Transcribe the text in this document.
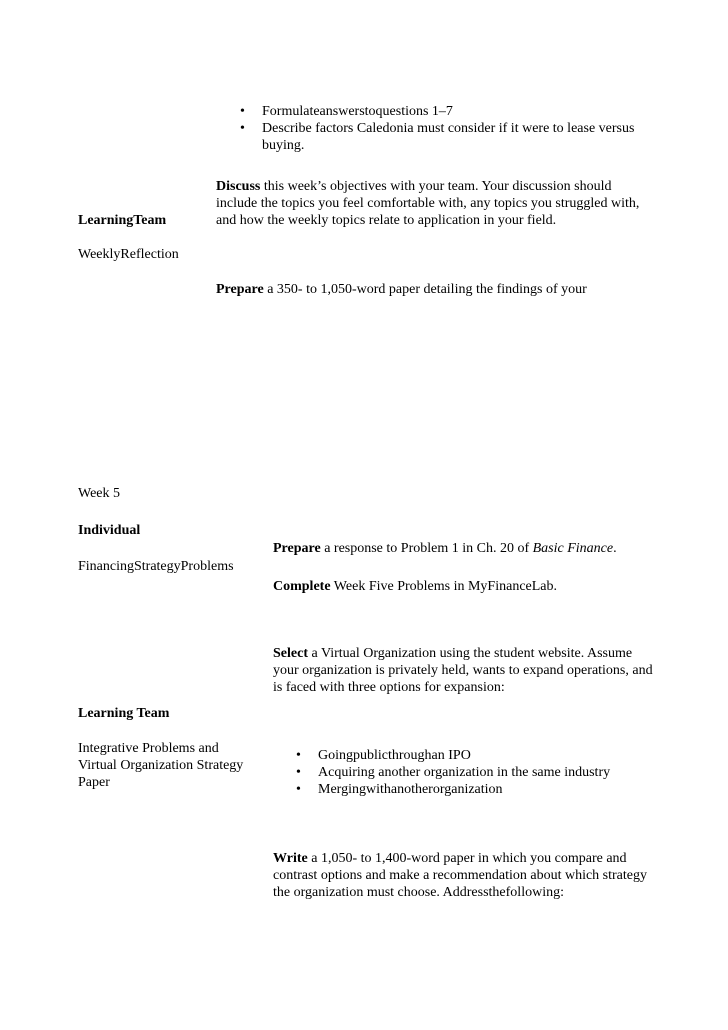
• Formulateanswerstoquestions 1–7
• Describe factors Caledonia must consider if it were to lease versus
buying.
Discuss this week’s objectives with your team. Your discussion should
include the topics you feel comfortable with, any topics you struggled with,
and how the weekly topics relate to application in your field.
LearningTeam
WeeklyReflection
Prepare a 350- to 1,050-word paper detailing the findings of your
Week 5
Individual
Prepare a response to Problem 1 in Ch. 20 of Basic Finance.
FinancingStrategyProblems
Complete Week Five Problems in MyFinanceLab.
Select a Virtual Organization using the student website. Assume
your organization is privately held, wants to expand operations, and
is faced with three options for expansion:
Learning Team
Integrative Problems and
Virtual Organization Strategy
Paper
• Goingpublicthroughan IPO
• Acquiring another organization in the same industry
• Mergingwithanotherorganization
Write a 1,050- to 1,400-word paper in which you compare and
contrast options and make a recommendation about which strategy
the organization must choose. Addressthefollowing:
